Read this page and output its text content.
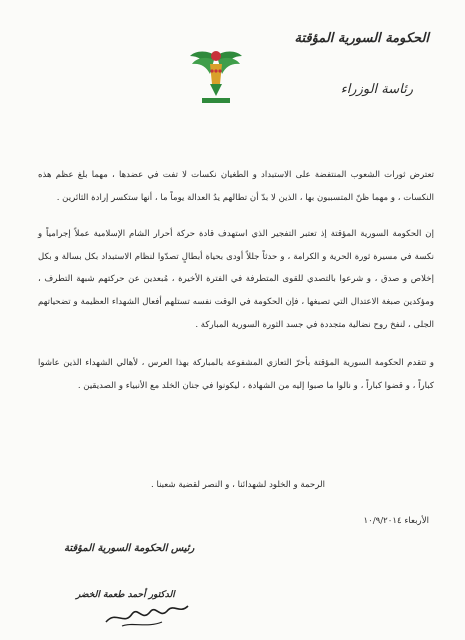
الحكومة السورية المؤقتة
رئاسة الوزراء

تعترض ثورات الشعوب المنتفضة على الاستبداد و الطغيان نكسات لا تفت في عضدها ، مهما بلغ عظم هذه النكسات ، و مهما ظنّ المتسببون بها ، الذين لا بدّ أن تطالهم يدُ العدالة يوماً ما ، أنها ستكسر إرادة الثائرين .

إن الحكومة السورية المؤقتة إذ تعتبر التفجير الذي استهدف قادة حركة أحرار الشام الإسلامية عملاً إجرامياً و نكسة في مسيرة ثورة الحرية و الكرامة ، و حدثاً جللاً أودى بحياة أبطالٍ تصدّوا لنظام الاستبداد بكل بسالة و بكل إخلاص و صدق ، و شرعوا بالتصدي للقوى المتطرفة في الفترة الأخيرة ، مُبعدين عن حركتهم شبهة التطرف ، ومؤكدين صبغة الاعتدال التي تصبغها ، فإن الحكومة في الوقت نفسه تستلهم أفعال الشهداء العظيمة و تضحياتهم الجلى ، لنفخ روح نضالية متجددة في جسد الثورة السورية المباركة .

و تتقدم الحكومة السورية المؤقتة بأحرّ التعازي المشفوعة بالمباركة بهذا العرس ، لأهالي الشهداء الذين عاشوا كباراً ، و قضوا كباراً ، و نالوا ما صبوا إليه من الشهادة ، ليكونوا في جنان الخلد مع الأنبياء و الصديقين .

الرحمة و الخلود لشهدائنا ، و النصر لقضية شعبنا .
الأربعاء ١٠/٩/٢٠١٤
رئيس الحكومة السورية المؤقتة
الدكتور أحمد طعمة الخضر
